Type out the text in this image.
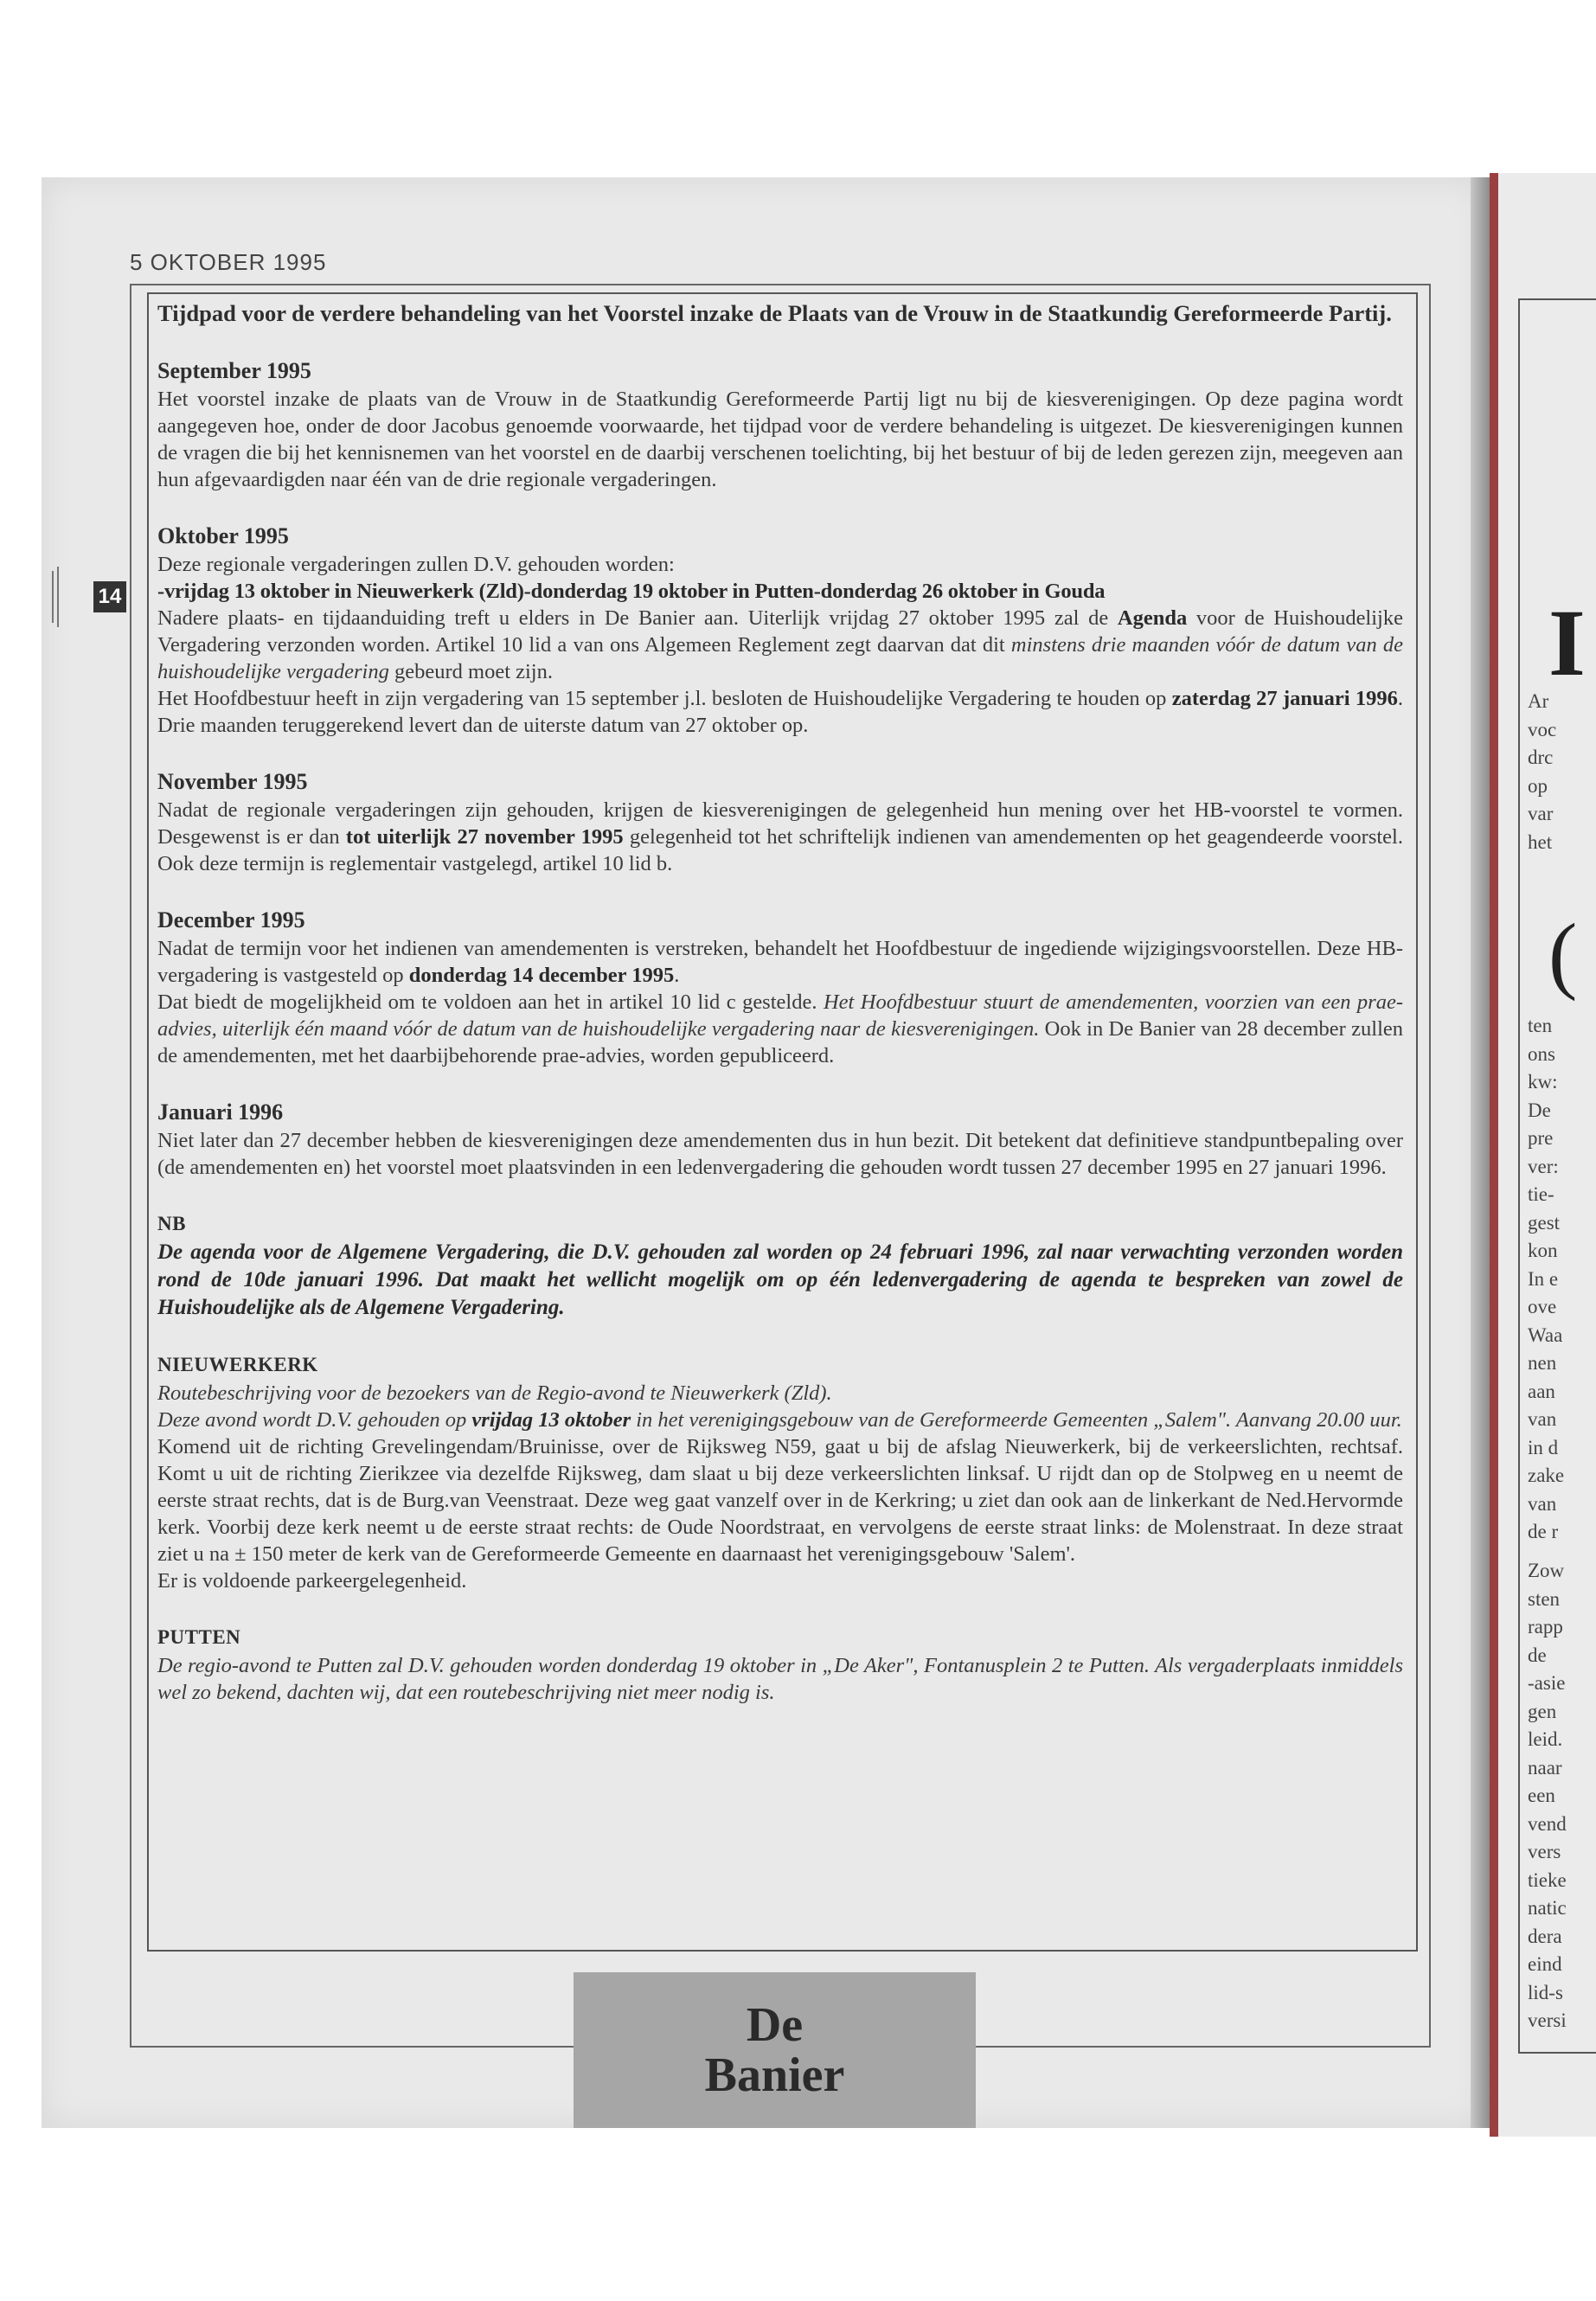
I
(
Ar
voc
drc
op
var
het
ten
ons
kw:
De
pre
ver:
tie-
gest
kon
In e
ove
Waa
nen
aan
van
in d
zake
van
de r
Zow
sten
rapp
de
-asie
gen
leid.
naar
een
vend
vers
tieke
natic
dera
eind
lid-s
versi
5 OKTOBER 1995
14

Tijdpad voor de verdere behandeling van het Voorstel inzake de Plaats van de Vrouw in de Staatkundig Gereformeerde Partij.

September 1995

Het voorstel inzake de plaats van de Vrouw in de Staatkundig Gereformeerde Partij ligt nu bij de kiesverenigingen. Op deze pagina wordt aangegeven hoe, onder de door Jacobus genoemde voorwaarde, het tijdpad voor de verdere behandeling is uitgezet. De kiesverenigingen kunnen de vragen die bij het kennisnemen van het voorstel en de daarbij verschenen toelichting, bij het bestuur of bij de leden gerezen zijn, meegeven aan hun afgevaardigden naar één van de drie regionale vergaderingen.

Oktober 1995

Deze regionale vergaderingen zullen D.V. gehouden worden:

-vrijdag 13 oktober in Nieuwerkerk (Zld)-donderdag 19 oktober in Putten-donderdag 26 oktober in Gouda

Nadere plaats- en tijdaanduiding treft u elders in De Banier aan. Uiterlijk vrijdag 27 oktober 1995 zal de Agenda voor de Huishoudelijke Vergadering verzonden worden. Artikel 10 lid a van ons Algemeen Reglement zegt daarvan dat dit minstens drie maanden vóór de datum van de huishoudelijke vergadering gebeurd moet zijn.

Het Hoofdbestuur heeft in zijn vergadering van 15 september j.l. besloten de Huishoudelijke Vergadering te houden op zaterdag 27 januari 1996. Drie maanden teruggerekend levert dan de uiterste datum van 27 oktober op.

November 1995

Nadat de regionale vergaderingen zijn gehouden, krijgen de kiesverenigingen de gelegenheid hun mening over het HB-voorstel te vormen. Desgewenst is er dan tot uiterlijk 27 november 1995 gelegenheid tot het schriftelijk indienen van amendementen op het geagendeerde voorstel. Ook deze termijn is reglementair vastgelegd, artikel 10 lid b.

December 1995

Nadat de termijn voor het indienen van amendementen is verstreken, behandelt het Hoofdbestuur de ingediende wijzigingsvoorstellen. Deze HB-vergadering is vastgesteld op donderdag 14 december 1995.

Dat biedt de mogelijkheid om te voldoen aan het in artikel 10 lid c gestelde. Het Hoofdbestuur stuurt de amendementen, voorzien van een prae-advies, uiterlijk één maand vóór de datum van de huishoudelijke vergadering naar de kiesverenigingen. Ook in De Banier van 28 december zullen de amendementen, met het daarbijbehorende prae-advies, worden gepubliceerd.

Januari 1996

Niet later dan 27 december hebben de kiesverenigingen deze amendementen dus in hun bezit. Dit betekent dat definitieve standpuntbepaling over (de amendementen en) het voorstel moet plaatsvinden in een ledenvergadering die gehouden wordt tussen 27 december 1995 en 27 januari 1996.

NB

De agenda voor de Algemene Vergadering, die D.V. gehouden zal worden op 24 februari 1996, zal naar verwachting verzonden worden rond de 10de januari 1996. Dat maakt het wellicht mogelijk om op één ledenvergadering de agenda te bespreken van zowel de Huishoudelijke als de Algemene Vergadering.

NIEUWERKERK

Routebeschrijving voor de bezoekers van de Regio-avond te Nieuwerkerk (Zld).

Deze avond wordt D.V. gehouden op vrijdag 13 oktober in het verenigingsgebouw van de Gereformeerde Gemeenten „Salem". Aanvang 20.00 uur.

Komend uit de richting Grevelingendam/Bruinisse, over de Rijksweg N59, gaat u bij de afslag Nieuwerkerk, bij de verkeerslichten, rechtsaf. Komt u uit de richting Zierikzee via dezelfde Rijksweg, dam slaat u bij deze verkeerslichten linksaf. U rijdt dan op de Stolpweg en u neemt de eerste straat rechts, dat is de Burg.van Veenstraat. Deze weg gaat vanzelf over in de Kerkring; u ziet dan ook aan de linkerkant de Ned.Hervormde kerk. Voorbij deze kerk neemt u de eerste straat rechts: de Oude Noordstraat, en vervolgens de eerste straat links: de Molenstraat. In deze straat ziet u na ± 150 meter de kerk van de Gereformeerde Gemeente en daarnaast het verenigingsgebouw 'Salem'.

Er is voldoende parkeergelegenheid.

PUTTEN

De regio-avond te Putten zal D.V. gehouden worden donderdag 19 oktober in „De Aker", Fontanusplein 2 te Putten. Als vergaderplaats inmiddels wel zo bekend, dachten wij, dat een routebeschrijving niet meer nodig is.

De
Banier
